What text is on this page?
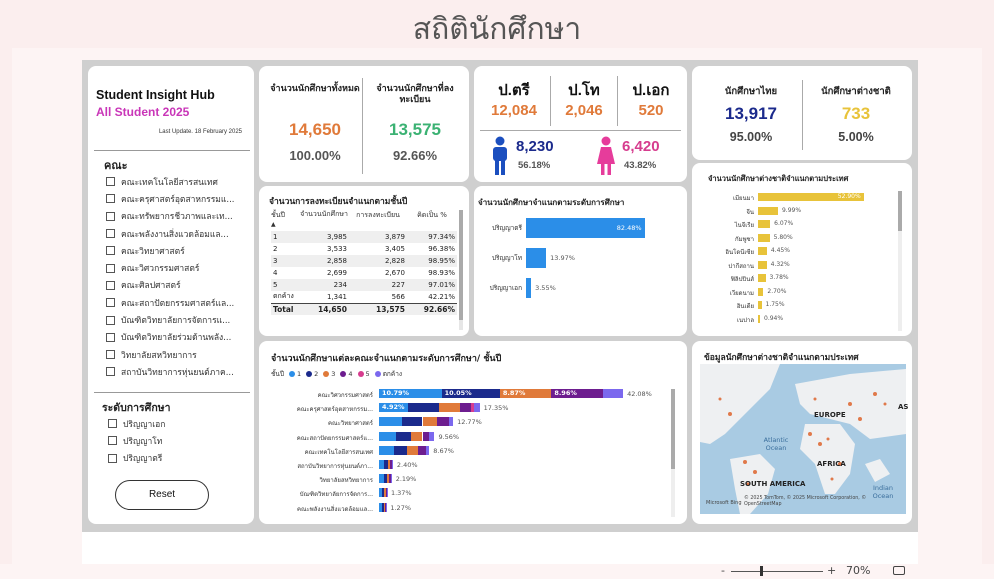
สถิตินักศึกษา
Student Insight Hub
All Student 2025
Last Update. 18 February 2025
คณะ
คณะเทคโนโลยีสารสนเทศ
คณะครุศาสตร์อุตสาหกรรมแ...
คณะทรัพยากรชีวภาพและเท...
คณะพลังงานสิ่งแวดล้อมแล...
คณะวิทยาศาสตร์
คณะวิศวกรรมศาสตร์
คณะศิลปศาสตร์
คณะสถาปัตยกรรมศาสตร์แล...
บัณฑิตวิทยาลัยการจัดการแ...
บัณฑิตวิทยาลัยร่วมด้านพลัง...
วิทยาลัยสหวิทยาการ
สถาบันวิทยาการหุ่นยนต์ภาค...
ระดับการศึกษา
ปริญญาเอก
ปริญญาโท
ปริญญาตรี
Reset
จำนวนนักศึกษาทั้งหมด
14,650
100.00%
จำนวนนักศึกษาที่ลงทะเบียน
13,575
92.66%
จำนวนการลงทะเบียนจำแนกตามชั้นปี
ชั้นปี	จำนวนนักศึกษา	การลงทะเบียน	คิดเป็น %
▲			
1	3,985	3,879	97.34%
2	3,533	3,405	96.38%
3	2,858	2,828	98.95%
4	2,699	2,670	98.93%
5	234	227	97.01%
ตกค้าง	1,341	566	42.21%
Total	14,650	13,575	92.66%
ป.ตรี
12,084
ป.โท
2,046
ป.เอก
520
8,230
56.18%
6,420
43.82%
จำนวนนักศึกษาจำแนกตามระดับการศึกษา
ปริญญาตรี	82.48%
ปริญญาโท	13.97%
ปริญญาเอก 3.55%
นักศึกษาไทย
13,917
95.00%
นักศึกษาต่างชาติ
733
5.00%
จำนวนนักศึกษาต่างชาติจำแนกตามประเทศ
เมียนมา	52.90%
จีน	9.99%
ไนจีเรีย	6.07%
กัมพูชา	5.80%
อินโดนีเซีย	4.45%
ปากีสถาน	4.32%
ฟิลิปปินส์	3.78%
เวียดนาม 2.70%
อินเดีย 1.75%
เนปาล 0.94%
จำนวนนักศึกษาแต่ละคณะจำแนกตามระดับการศึกษา/ ชั้นปี
ชั้นปี 1 2 3 4 5 ตกค้าง
คณะวิศวกรรมศาสตร์ 10.79%	10.05%	8.87%	8.96%	42.08%
คณะครุศาสตร์อุตสาหกรรม... 4.92%	17.35%
คณะวิทยาศาสตร์	12.77%
คณะสถาปัตยกรรมศาสตร์แ...	9.56%
คณะเทคโนโลยีสารสนเทศ	8.67%
สถาบันวิทยาการหุ่นยนต์ภา...	2.40%
วิทยาลัยสหวิทยาการ	2.19%
บัณฑิตวิทยาลัยการจัดการ...	1.37%
คณะพลังงานสิ่งแวดล้อมแล...	1.27%
ข้อมูลนักศึกษาต่างชาติจำแนกตามประเทศ
EUROPE
AFRICA
SOUTH AMERICA
Atlantic Ocean
Indian Ocean
AS
Microsoft Bing
© 2025 TomTom, © 2025 Microsoft Corporation, © OpenStreetMap
-	+ 70%
